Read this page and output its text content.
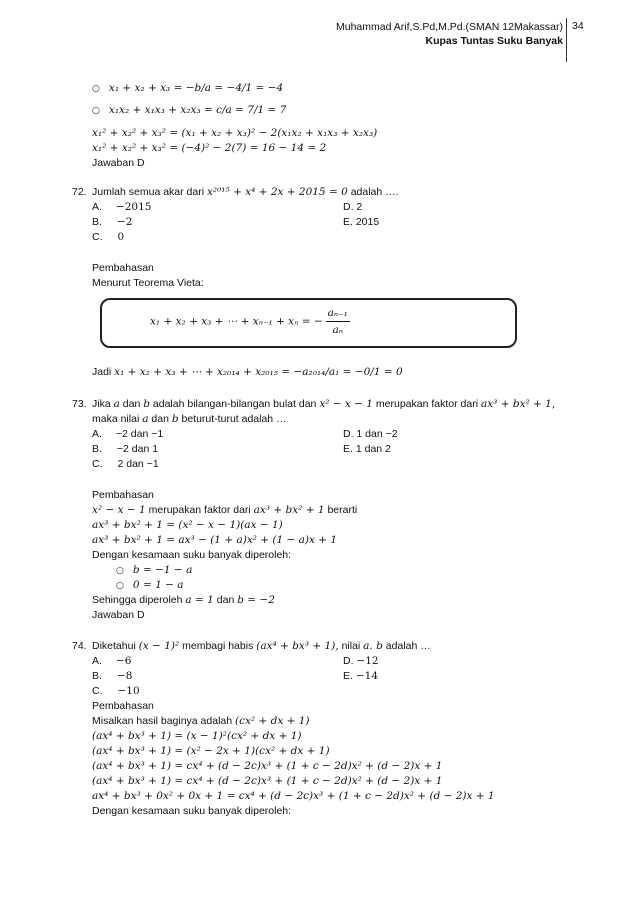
Muhammad Arif,S.Pd,M.Pd.(SMAN 12Makassar)
Kupas Tuntas Suku Banyak
34
○ x₁ + x₂ + x₃ = −b/a = −4/1 = −4
○ x₁x₂ + x₁x₃ + x₂x₃ = c/a = 7/1 = 7
x₁² + x₂² + x₃² = (x₁ + x₂ + x₃)² − 2(x₁x₂ + x₁x₃ + x₂x₃)
x₁² + x₂² + x₃² = (−4)² − 2(7) = 16 − 14 = 2
Jawaban D
72. Jumlah semua akar dari x²⁰¹⁵ + x⁴ + 2x + 2015 = 0 adalah ….
A. −2015
B. −2
C. 0
D. 2
E. 2015
Pembahasan
Menurut Teorema Vieta:
x₁ + x₂ + x₃ + ⋯ + xₙ₋₁ + xₙ = − $\frac{\text{aₙ₋₁}}{\text{aₙ}}$
Jadi x₁ + x₂ + x₃ + ⋯ + x₂₀₁₄ + x₂₀₁₅ = −a₂₀₁₄/a₁ = −0/1 = 0
73. Jika a dan b adalah bilangan-bilangan bulat dan x² − x − 1 merupakan faktor dari ax³ + bx² + 1,
maka nilai a dan b beturut-turut adalah …
A. −2 dan −1
B. −2 dan 1
C. 2 dan −1
D. 1 dan −2
E. 1 dan 2
Pembahasan
x² − x − 1 merupakan faktor dari ax³ + bx² + 1 berarti
ax³ + bx² + 1 = (x² − x − 1)(ax − 1)
ax³ + bx² + 1 = ax³ − (1 + a)x² + (1 − a)x + 1
Dengan kesamaan suku banyak diperoleh:
○ b = −1 − a
○ 0 = 1 − a
Sehingga diperoleh a = 1 dan b = −2
Jawaban D
74. Diketahui (x − 1)² membagi habis (ax⁴ + bx³ + 1), nilai a. b adalah …
A. −6
B. −8
C. −10
D. −12
E. −14
Pembahasan
Misalkan hasil baginya adalah (cx² + dx + 1)
(ax⁴ + bx³ + 1) = (x − 1)²(cx² + dx + 1)
(ax⁴ + bx³ + 1) = (x² − 2x + 1)(cx² + dx + 1)
(ax⁴ + bx³ + 1) = cx⁴ + (d − 2c)x³ + (1 + c − 2d)x² + (d − 2)x + 1
(ax⁴ + bx³ + 1) = cx⁴ + (d − 2c)x³ + (1 + c − 2d)x² + (d − 2)x + 1
ax⁴ + bx³ + 0x² + 0x + 1 = cx⁴ + (d − 2c)x³ + (1 + c − 2d)x² + (d − 2)x + 1
Dengan kesamaan suku banyak diperoleh:
